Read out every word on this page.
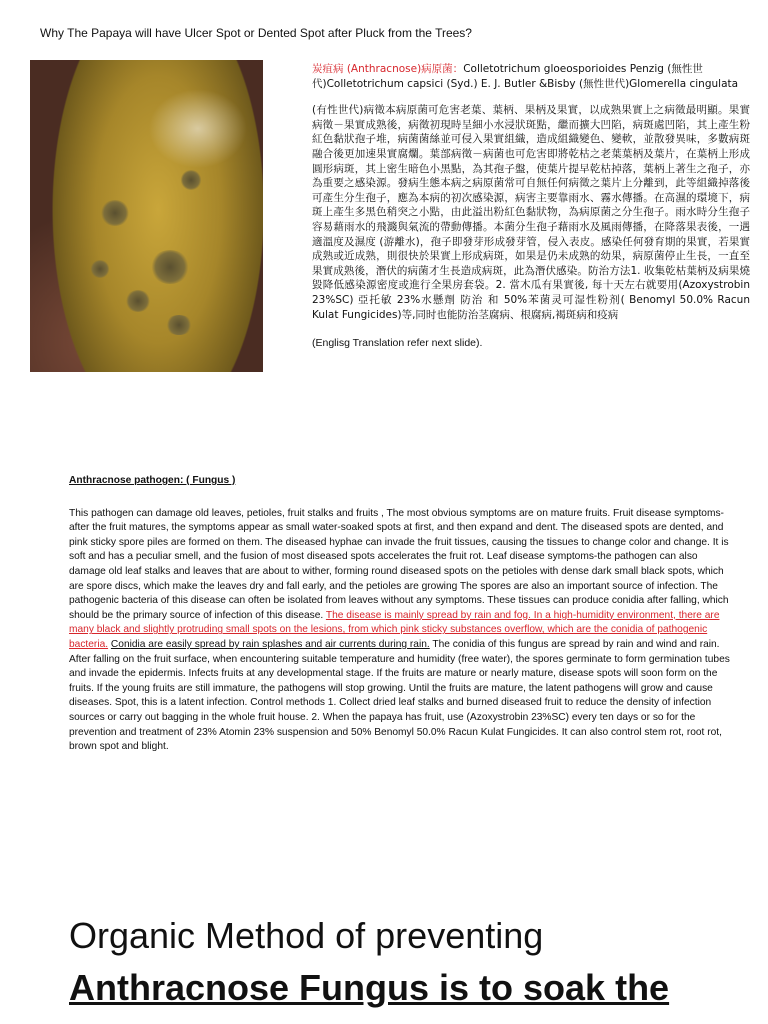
Why The Papaya will have Ulcer Spot or Dented Spot after Pluck from the Trees?
炭疽病 (Anthracnose)病原菌：Colletotrichum gloeosporioides Penzig (無性世代)Colletotrichum capsici (Syd.) E. J. Butler &Bisby (無性世代)Glomerella cingulata
(有性世代)病徵本病原菌可危害老葉、葉柄、果柄及果實，以成熟果實上之病徵最明顯。果實病徵－果實成熟後，病徵初現時呈細小水浸狀斑點，繼而擴大凹陷，病斑處凹陷，其上產生粉紅色黏狀孢子堆，病菌菌絲並可侵入果實組織，造成組織變色、變軟，並散發異味，多數病斑融合後更加速果實腐爛。葉部病徵－病菌也可危害即將乾枯之老葉葉柄及葉片，在葉柄上形成圓形病斑，其上密生暗色小黑點，為其孢子盤，使葉片提早乾枯掉落，葉柄上著生之孢子，亦為重要之感染源。發病生態本病之病原菌常可自無任何病徵之葉片上分離到，此等組織掉落後可產生分生孢子，應為本病的初次感染源，病害主要靠雨水、霧水傳播。在高濕的環境下，病斑上產生多黑色稍突之小點，由此溢出粉紅色黏狀物，為病原菌之分生孢子。雨水時分生孢子容易藉雨水的飛濺與氣流的帶動傳播。本菌分生孢子藉雨水及風雨傳播，在降落果表後，一遇適溫度及濕度 (游離水)，孢子即發芽形成發芽管，侵入表皮。感染任何發育期的果實，若果實成熟或近成熟，則很快於果實上形成病斑，如果是仍未成熟的幼果，病原菌停止生長，一直至果實成熟後，潛伏的病菌才生長造成病斑，此為潛伏感染。防治方法1. 收集乾枯葉柄及病果燒毀降低感染源密度或進行全果房套袋。2. 當木瓜有果實後, 每十天左右就要用(Azoxystrobin 23%SC) 亞托敏 23%水懸劑 防治 和 50%苯菌灵可湿性粉剂( Benomyl 50.0% Racun Kulat Fungicides)等,同时也能防治茎腐病、根腐病,褐斑病和疫病
(Englisg Translation refer next slide).
Anthracnose pathogen: ( Fungus )
This pathogen can damage old leaves, petioles, fruit stalks and fruits , The most obvious symptoms are on mature fruits. Fruit disease symptoms-after the fruit matures, the symptoms appear as small water-soaked spots at first, and then expand and dent. The diseased spots are dented, and pink sticky spore piles are formed on them. The diseased hyphae can invade the fruit tissues, causing the tissues to change color and change. It is soft and has a peculiar smell, and the fusion of most diseased spots accelerates the fruit rot. Leaf disease symptoms-the pathogen can also damage old leaf stalks and leaves that are about to wither, forming round diseased spots on the petioles with dense dark small black spots, which are spore discs, which make the leaves dry and fall early, and the petioles are growing The spores are also an important source of infection. The pathogenic bacteria of this disease can often be isolated from leaves without any symptoms. These tissues can produce conidia after falling, which should be the primary source of infection of this disease. The disease is mainly spread by rain and fog. In a high-humidity environment, there are many black and slightly protruding small spots on the lesions, from which pink sticky substances overflow, which are the conidia of pathogenic bacteria. Conidia are easily spread by rain splashes and air currents during rain. The conidia of this fungus are spread by rain and wind and rain. After falling on the fruit surface, when encountering suitable temperature and humidity (free water), the spores germinate to form germination tubes and invade the epidermis. Infects fruits at any developmental stage. If the fruits are mature or nearly mature, disease spots will soon form on the fruits. If the young fruits are still immature, the pathogens will stop growing. Until the fruits are mature, the latent pathogens will grow and cause diseases. Spot, this is a latent infection. Control methods 1. Collect dried leaf stalks and burned diseased fruit to reduce the density of infection sources or carry out bagging in the whole fruit house. 2. When the papaya has fruit, use (Azoxystrobin 23%SC) every ten days or so for the prevention and treatment of 23% Atomin 23% suspension and 50% Benomyl 50.0% Racun Kulat Fungicides. It can also control stem rot, root rot, brown spot and blight.
Organic Method of preventing
Anthracnose Fungus is to soak the
